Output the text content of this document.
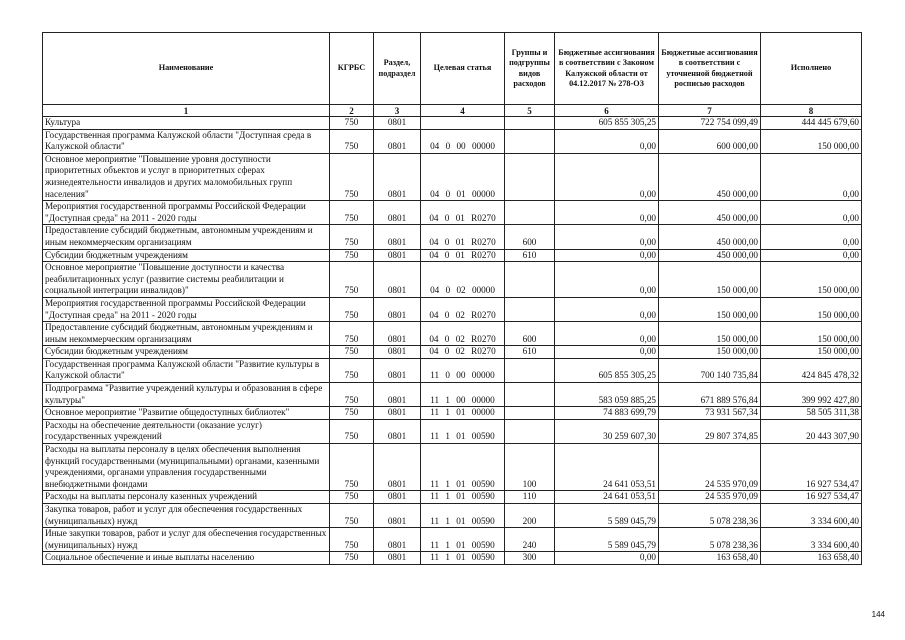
Наименование	КГРБС	Раздел, подраздел	Целевая статья	Группы и подгруппы видов расходов	Бюджетные ассигнования в соответствии с Законом Калужской области от 04.12.2017 № 278-ОЗ	Бюджетные ассигнования в соответствии с уточненной бюджетной росписью расходов	Исполнено
1	2	3	4	5	6	7	8
Культура	750	0801			605 855 305,25	722 754 099,49	444 445 679,60
Государственная программа Калужской области "Доступная среда в Калужской области"	750	0801	04 0 00 00000		0,00	600 000,00	150 000,00
Основное мероприятие "Повышение уровня доступности приоритетных объектов и услуг в приоритетных сферах жизнедеятельности инвалидов и других маломобильных групп населения"	750	0801	04 0 01 00000		0,00	450 000,00	0,00
Мероприятия государственной программы Российской Федерации "Доступная среда" на 2011 - 2020 годы	750	0801	04 0 01 R0270		0,00	450 000,00	0,00
Предоставление субсидий бюджетным, автономным учреждениям и иным некоммерческим организациям	750	0801	04 0 01 R0270	600	0,00	450 000,00	0,00
Субсидии бюджетным учреждениям	750	0801	04 0 01 R0270	610	0,00	450 000,00	0,00
Основное мероприятие "Повышение доступности и качества реабилитационных услуг (развитие системы реабилитации и социальной интеграции инвалидов)"	750	0801	04 0 02 00000		0,00	150 000,00	150 000,00
Мероприятия государственной программы Российской Федерации "Доступная среда" на 2011 - 2020 годы	750	0801	04 0 02 R0270		0,00	150 000,00	150 000,00
Предоставление субсидий бюджетным, автономным учреждениям и иным некоммерческим организациям	750	0801	04 0 02 R0270	600	0,00	150 000,00	150 000,00
Субсидии бюджетным учреждениям	750	0801	04 0 02 R0270	610	0,00	150 000,00	150 000,00
Государственная программа Калужской области "Развитие культуры в Калужской области"	750	0801	11 0 00 00000		605 855 305,25	700 140 735,84	424 845 478,32
Подпрограмма "Развитие учреждений культуры и образования в сфере культуры"	750	0801	11 1 00 00000		583 059 885,25	671 889 576,84	399 992 427,80
Основное мероприятие "Развитие общедоступных библиотек"	750	0801	11 1 01 00000		74 883 699,79	73 931 567,34	58 505 311,38
Расходы на обеспечение деятельности (оказание услуг) государственных учреждений	750	0801	11 1 01 00590		30 259 607,30	29 807 374,85	20 443 307,90
Расходы на выплаты персоналу в целях обеспечения выполнения функций государственными (муниципальными) органами, казенными учреждениями, органами управления государственными внебюджетными фондами	750	0801	11 1 01 00590	100	24 641 053,51	24 535 970,09	16 927 534,47
Расходы на выплаты персоналу казенных учреждений	750	0801	11 1 01 00590	110	24 641 053,51	24 535 970,09	16 927 534,47
Закупка товаров, работ и услуг для обеспечения государственных (муниципальных) нужд	750	0801	11 1 01 00590	200	5 589 045,79	5 078 238,36	3 334 600,40
Иные закупки товаров, работ и услуг для обеспечения государственных (муниципальных) нужд	750	0801	11 1 01 00590	240	5 589 045,79	5 078 238,36	3 334 600,40
Социальное обеспечение и иные выплаты населению	750	0801	11 1 01 00590	300	0,00	163 658,40	163 658,40
144
